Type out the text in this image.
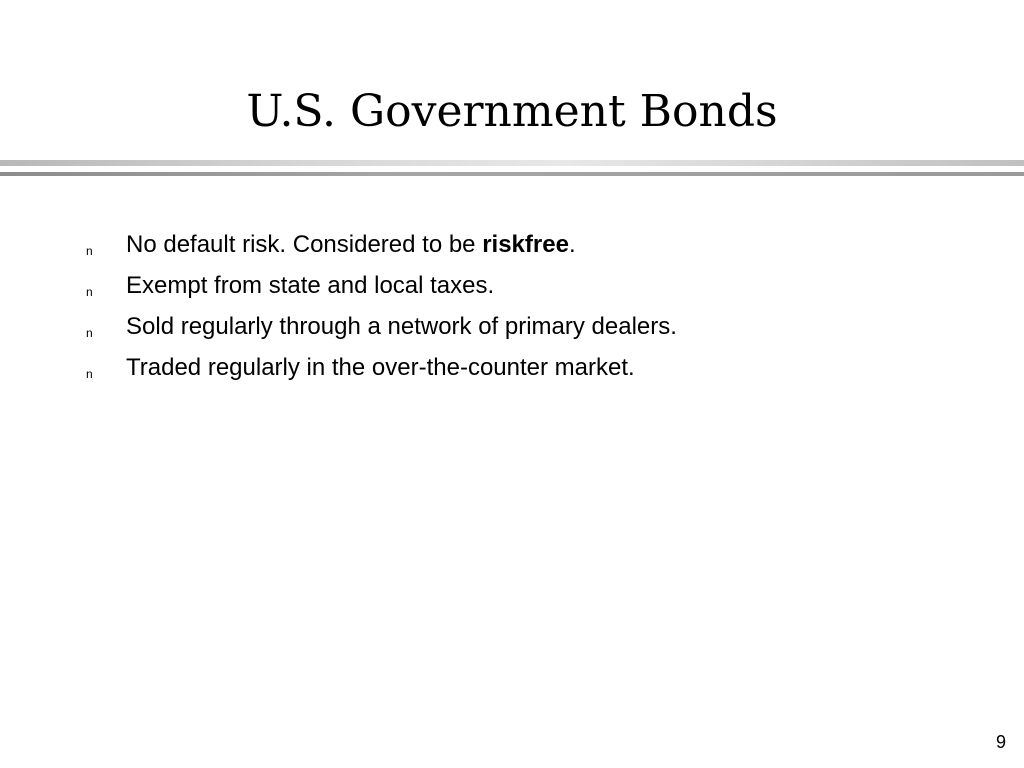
U.S. Government Bonds
n No default risk. Considered to be riskfree.
n Exempt from state and local taxes.
n Sold regularly through a network of primary dealers.
n Traded regularly in the over-the-counter market.
9
